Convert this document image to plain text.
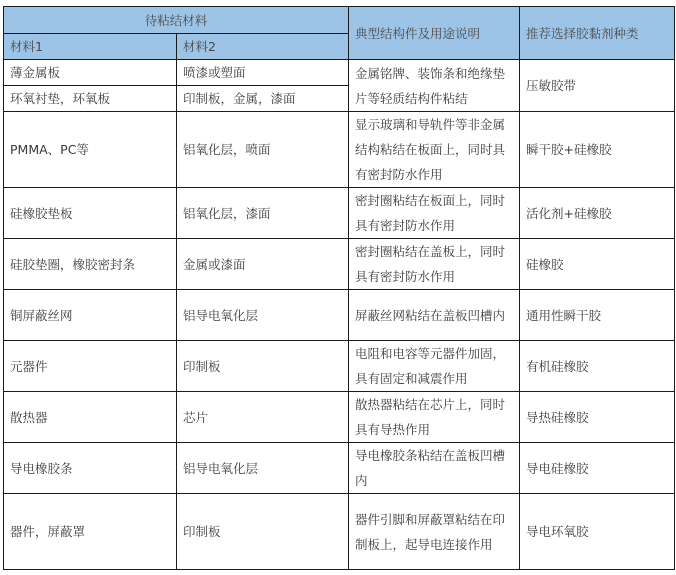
待粘结材料		典型结构件及用途说明	推荐选择胶黏剂种类
材料1	材料2		
薄金属板	喷漆或塑面	金属铭牌、装饰条和绝缘垫片等轻质结构件粘结	压敏胶带
环氧衬垫，环氧板	印制板，金属，漆面		
PMMA、PC等	铝氧化层，喷面	显示玻璃和导轨件等非金属结构粘结在板面上，同时具有密封防水作用	瞬干胶+硅橡胶
硅橡胶垫板	铝氧化层，漆面	密封圈粘结在板面上，同时具有密封防水作用	活化剂+硅橡胶
硅胶垫圈，橡胶密封条	金属或漆面	密封圈粘结在盖板上，同时具有密封防水作用	硅橡胶
铜屏蔽丝网	铝导电氧化层	屏蔽丝网粘结在盖板凹槽内	通用性瞬干胶
元器件	印制板	电阻和电容等元器件加固，具有固定和减震作用	有机硅橡胶
散热器	芯片	散热器粘结在芯片上，同时具有导热作用	导热硅橡胶
导电橡胶条	铝导电氧化层	导电橡胶条粘结在盖板凹槽内	导电硅橡胶
器件，屏蔽罩	印制板	器件引脚和屏蔽罩粘结在印制板上，起导电连接作用	导电环氧胶
